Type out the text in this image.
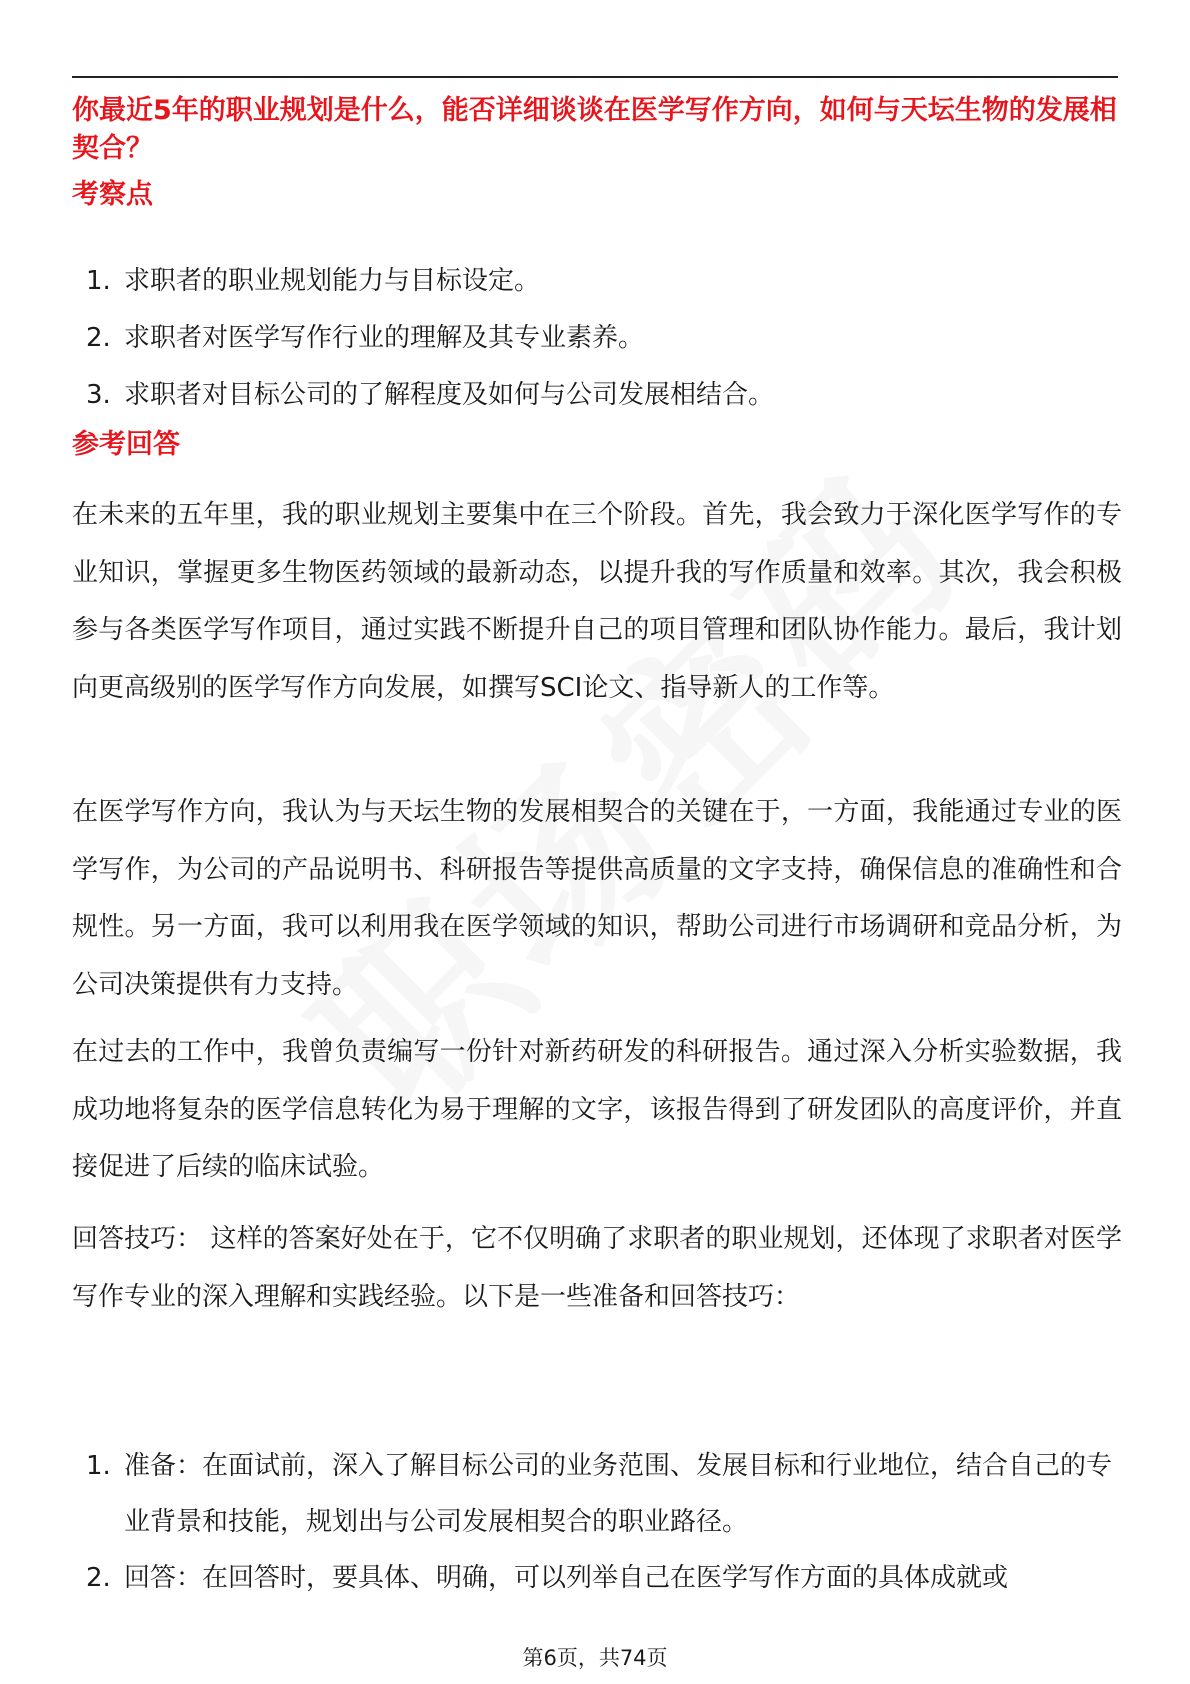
你最近5年的职业规划是什么，能否详细谈谈在医学写作方向，如何与天坛生物的发展相契合？
考察点
1. 求职者的职业规划能力与目标设定。
2. 求职者对医学写作行业的理解及其专业素养。
3. 求职者对目标公司的了解程度及如何与公司发展相结合。
参考回答

在未来的五年里，我的职业规划主要集中在三个阶段。首先，我会致力于深化医学写作的专业知识，掌握更多生物医药领域的最新动态，以提升我的写作质量和效率。其次，我会积极参与各类医学写作项目，通过实践不断提升自己的项目管理和团队协作能力。最后，我计划向更高级别的医学写作方向发展，如撰写SCI论文、指导新人的工作等。

在医学写作方向，我认为与天坛生物的发展相契合的关键在于，一方面，我能通过专业的医学写作，为公司的产品说明书、科研报告等提供高质量的文字支持，确保信息的准确性和合规性。另一方面，我可以利用我在医学领域的知识，帮助公司进行市场调研和竞品分析，为公司决策提供有力支持。

在过去的工作中，我曾负责编写一份针对新药研发的科研报告。通过深入分析实验数据，我成功地将复杂的医学信息转化为易于理解的文字，该报告得到了研发团队的高度评价，并直接促进了后续的临床试验。

回答技巧： 这样的答案好处在于，它不仅明确了求职者的职业规划，还体现了求职者对医学写作专业的深入理解和实践经验。以下是一些准备和回答技巧：

1. 准备：在面试前，深入了解目标公司的业务范围、发展目标和行业地位，结合自己的专业背景和技能，规划出与公司发展相契合的职业路径。
2. 回答：在回答时，要具体、明确，可以列举自己在医学写作方面的具体成就或
第6页，共74页
